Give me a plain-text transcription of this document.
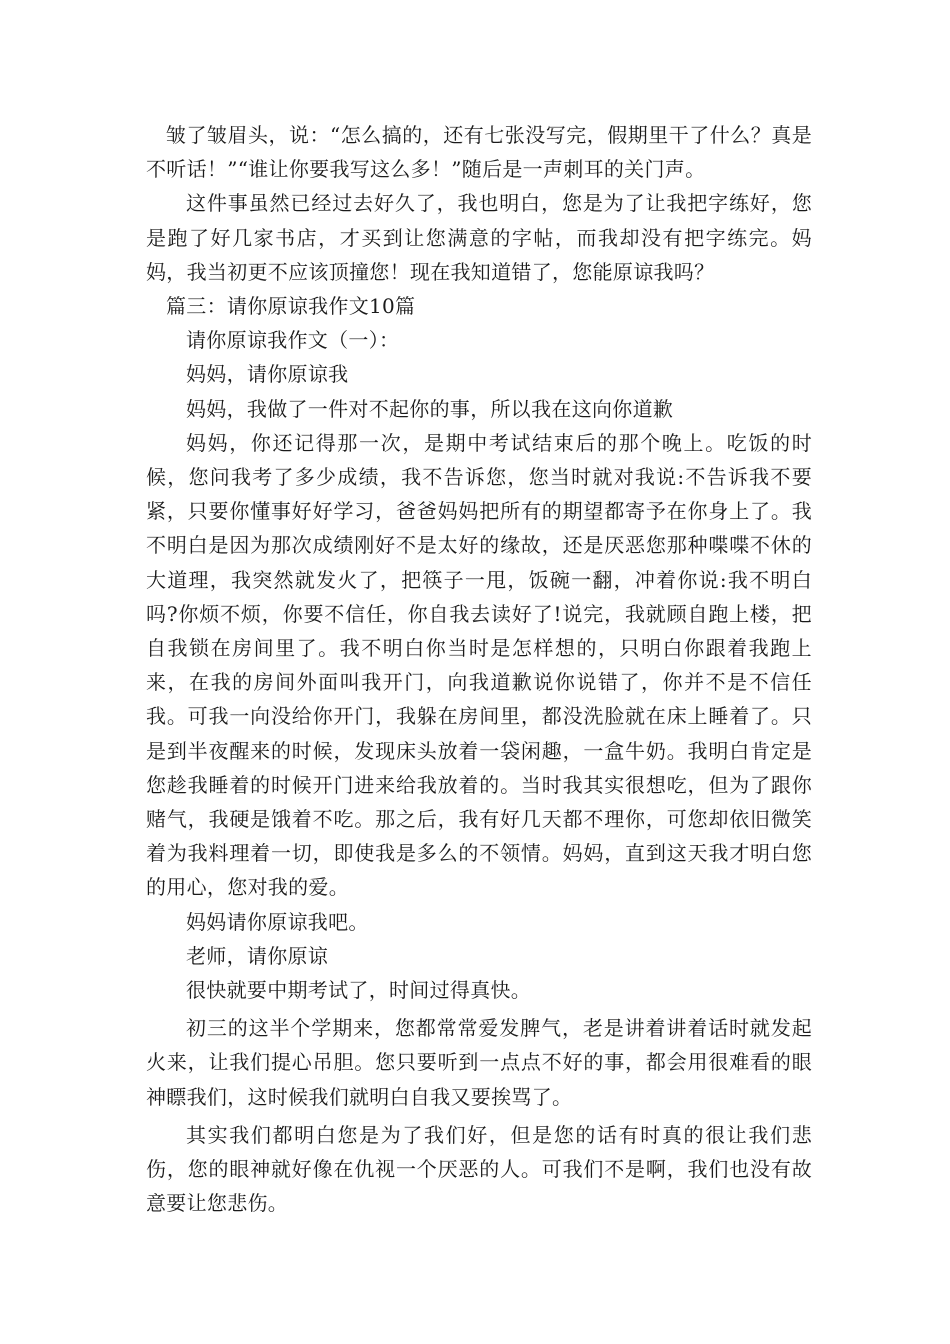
皱了皱眉头，说：“怎么搞的，还有七张没写完，假期里干了什么？真是不听话！”“谁让你要我写这么多！”随后是一声刺耳的关门声。

这件事虽然已经过去好久了，我也明白，您是为了让我把字练好，您是跑了好几家书店，才买到让您满意的字帖，而我却没有把字练完。妈妈，我当初更不应该顶撞您！现在我知道错了，您能原谅我吗？

篇三：请你原谅我作文10篇

请你原谅我作文（一）：

妈妈，请你原谅我

妈妈，我做了一件对不起你的事，所以我在这向你道歉

妈妈，你还记得那一次，是期中考试结束后的那个晚上。吃饭的时候，您问我考了多少成绩，我不告诉您，您当时就对我说:不告诉我不要紧，只要你懂事好好学习，爸爸妈妈把所有的期望都寄予在你身上了。我不明白是因为那次成绩刚好不是太好的缘故，还是厌恶您那种喋喋不休的大道理，我突然就发火了，把筷子一甩，饭碗一翻，冲着你说:我不明白吗?你烦不烦，你要不信任，你自我去读好了!说完，我就顾自跑上楼，把自我锁在房间里了。我不明白你当时是怎样想的，只明白你跟着我跑上来，在我的房间外面叫我开门，向我道歉说你说错了，你并不是不信任我。可我一向没给你开门，我躲在房间里，都没洗脸就在床上睡着了。只是到半夜醒来的时候，发现床头放着一袋闲趣，一盒牛奶。我明白肯定是您趁我睡着的时候开门进来给我放着的。当时我其实很想吃，但为了跟你赌气，我硬是饿着不吃。那之后，我有好几天都不理你，可您却依旧微笑着为我料理着一切，即使我是多么的不领情。妈妈，直到这天我才明白您的用心，您对我的爱。

妈妈请你原谅我吧。

老师，请你原谅

很快就要中期考试了，时间过得真快。

初三的这半个学期来，您都常常爱发脾气，老是讲着讲着话时就发起火来，让我们提心吊胆。您只要听到一点点不好的事，都会用很难看的眼神瞟我们，这时候我们就明白自我又要挨骂了。

其实我们都明白您是为了我们好，但是您的话有时真的很让我们悲伤，您的眼神就好像在仇视一个厌恶的人。可我们不是啊，我们也没有故意要让您悲伤。
